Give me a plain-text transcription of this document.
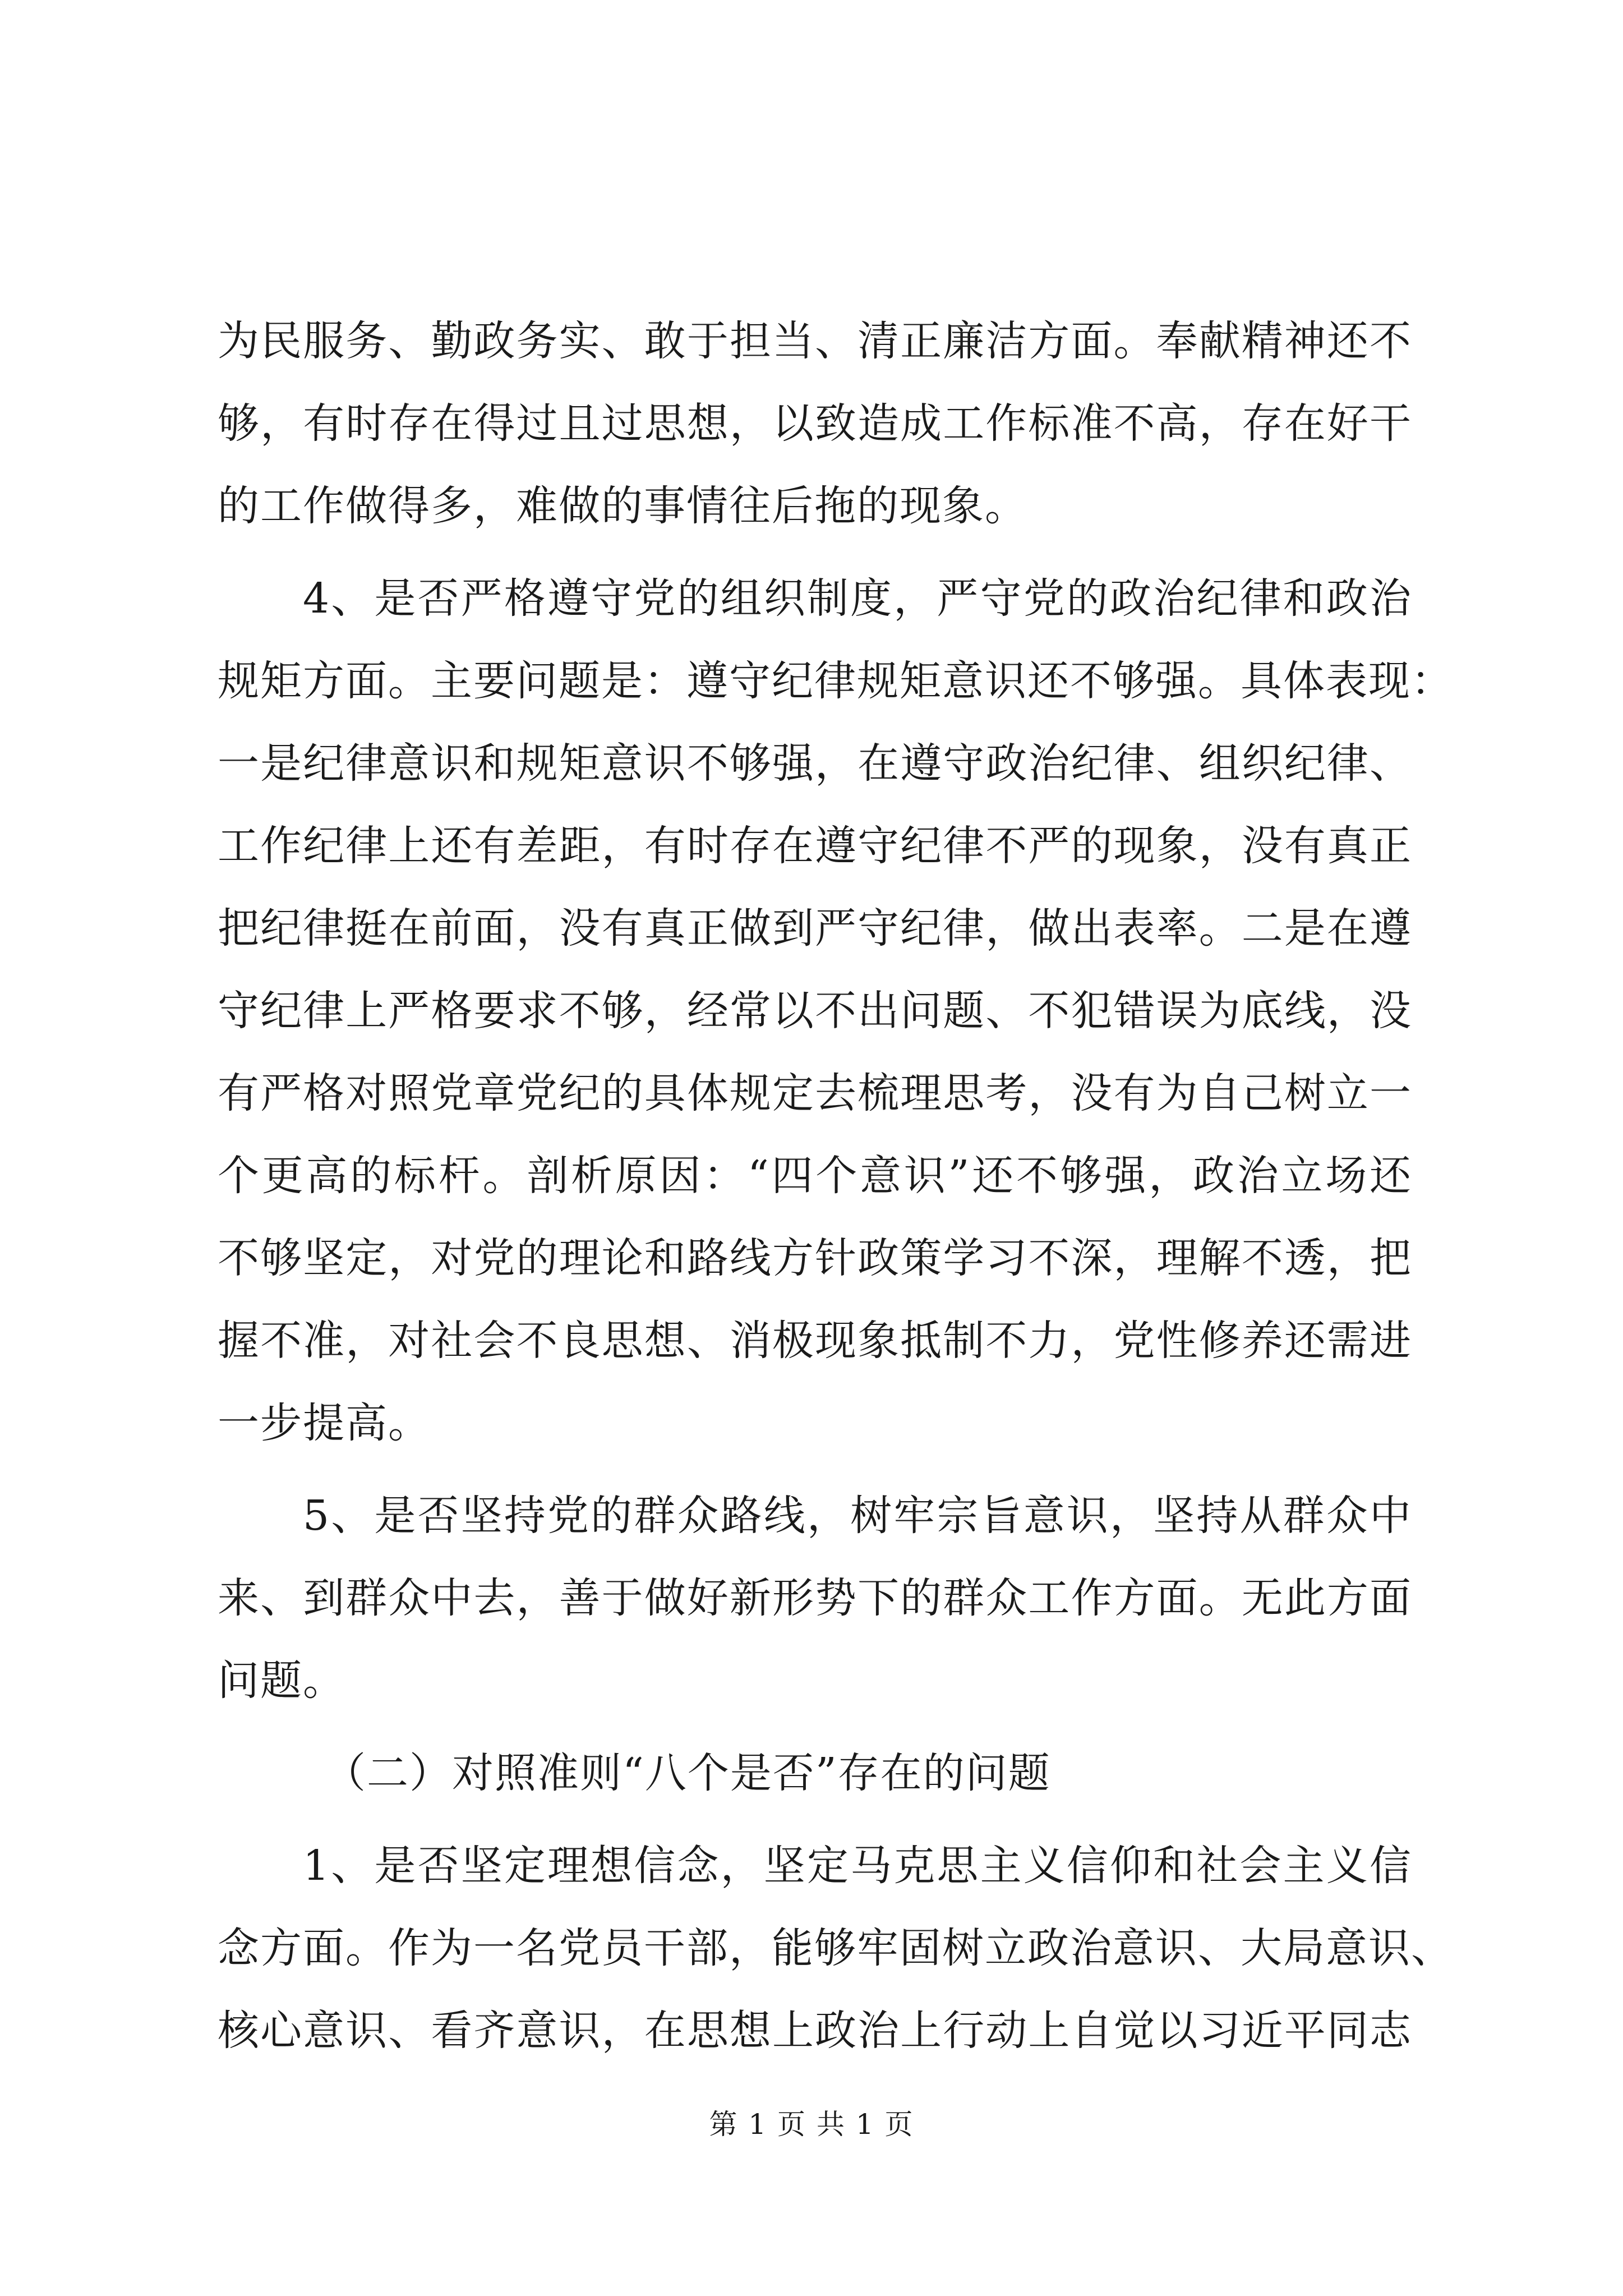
为民服务、勤政务实、敢于担当、清正廉洁方面。奉献精神还不
够，有时存在得过且过思想，以致造成工作标准不高，存在好干
的工作做得多，难做的事情往后拖的现象。
4、是否严格遵守党的组织制度，严守党的政治纪律和政治
规矩方面。主要问题是：遵守纪律规矩意识还不够强。具体表现：
一是纪律意识和规矩意识不够强，在遵守政治纪律、组织纪律、
工作纪律上还有差距，有时存在遵守纪律不严的现象，没有真正
把纪律挺在前面，没有真正做到严守纪律，做出表率。二是在遵
守纪律上严格要求不够，经常以不出问题、不犯错误为底线，没
有严格对照党章党纪的具体规定去梳理思考，没有为自己树立一
个更高的标杆。剖析原因：“四个意识”还不够强，政治立场还
不够坚定，对党的理论和路线方针政策学习不深，理解不透，把
握不准，对社会不良思想、消极现象抵制不力，党性修养还需进
一步提高。
5、是否坚持党的群众路线，树牢宗旨意识，坚持从群众中
来、到群众中去，善于做好新形势下的群众工作方面。无此方面
问题。
（二）对照准则“八个是否”存在的问题
1、是否坚定理想信念，坚定马克思主义信仰和社会主义信
念方面。作为一名党员干部，能够牢固树立政治意识、大局意识、
核心意识、看齐意识，在思想上政治上行动上自觉以习近平同志
第 1 页 共 1 页
